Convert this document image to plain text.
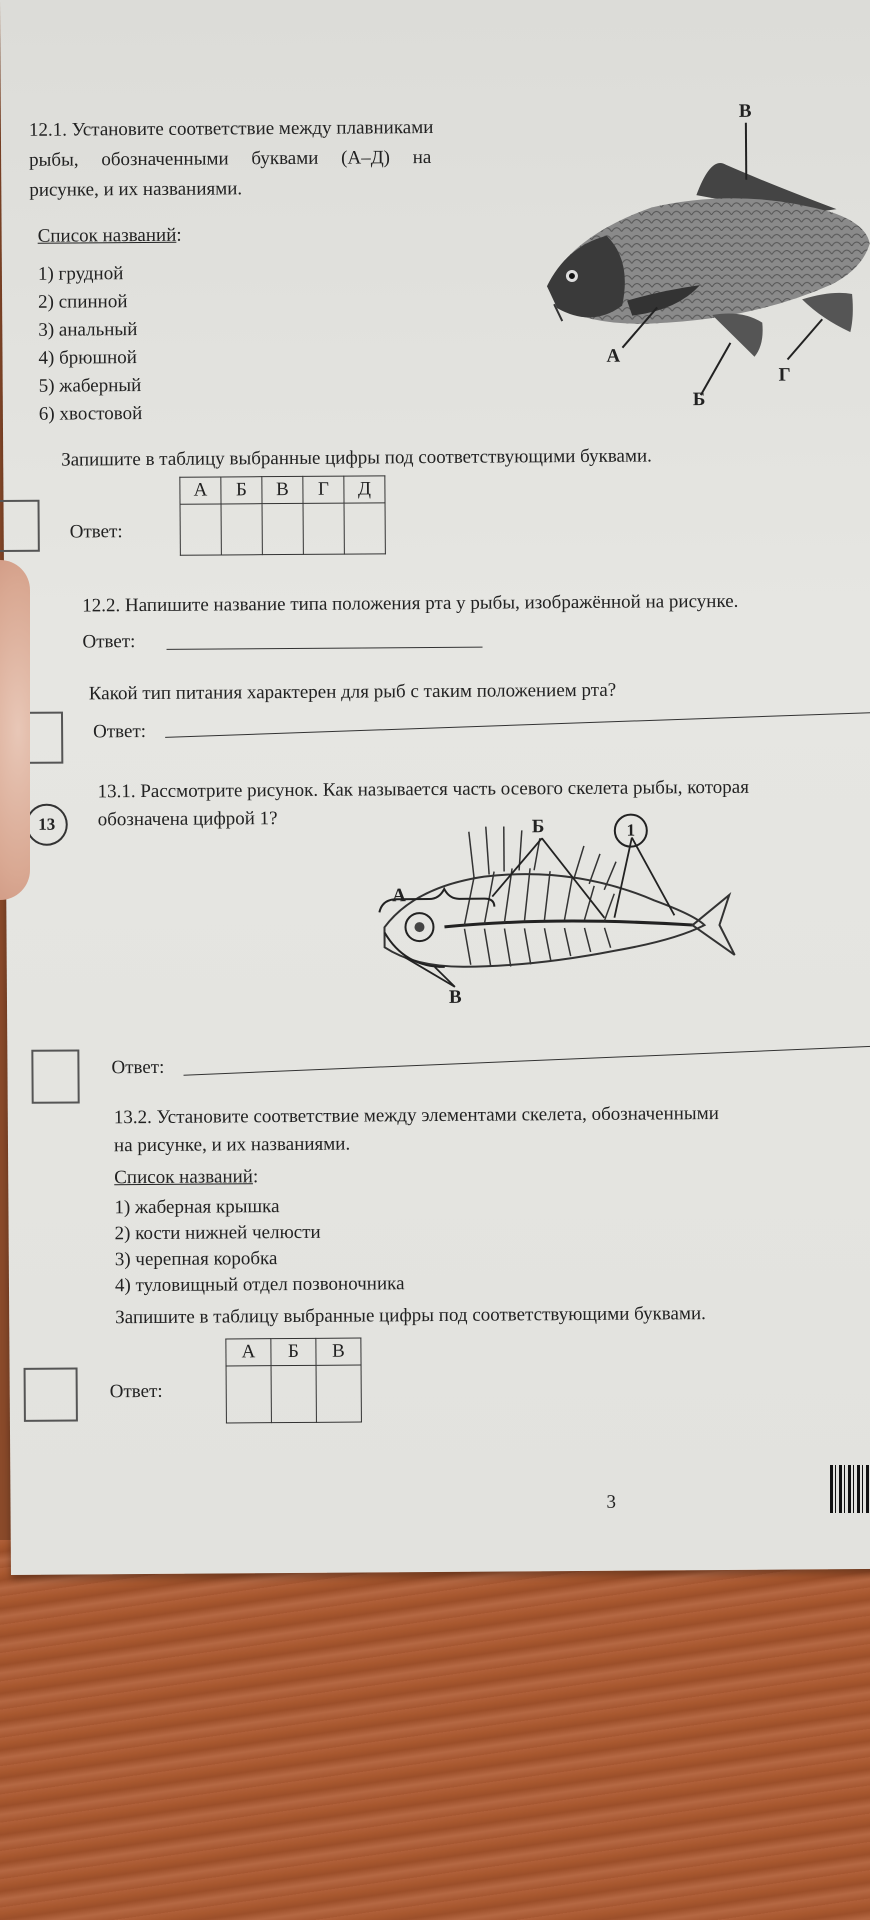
12.1. Установите соответствие между плавниками
рыбы, обозначенными буквами (А–Д) на
рисунке, и их названиями.
Список названий:
1) грудной
2) спинной
3) анальный
4) брюшной
5) жаберный
6) хвостовой
В
А
Б
Г
Запишите в таблицу выбранные цифры под соответствующими буквами.
Ответ:
А	Б	В	Г	Д

12.2. Напишите название типа положения рта у рыбы, изображённой на рисунке.
Ответ:
Какой тип питания характерен для рыб с таким положением рта?
Ответ:
13
13.1. Рассмотрите рисунок. Как называется часть осевого скелета рыбы, которая
обозначена цифрой 1?	Б	1
А
В
Ответ:
13.2. Установите соответствие между элементами скелета, обозначенными
на рисунке, и их названиями.
Список названий:
1) жаберная крышка
2) кости нижней челюсти
3) черепная коробка
4) туловищный отдел позвоночника
Запишите в таблицу выбранные цифры под соответствующими буквами.
Ответ:
А	Б	В

3
